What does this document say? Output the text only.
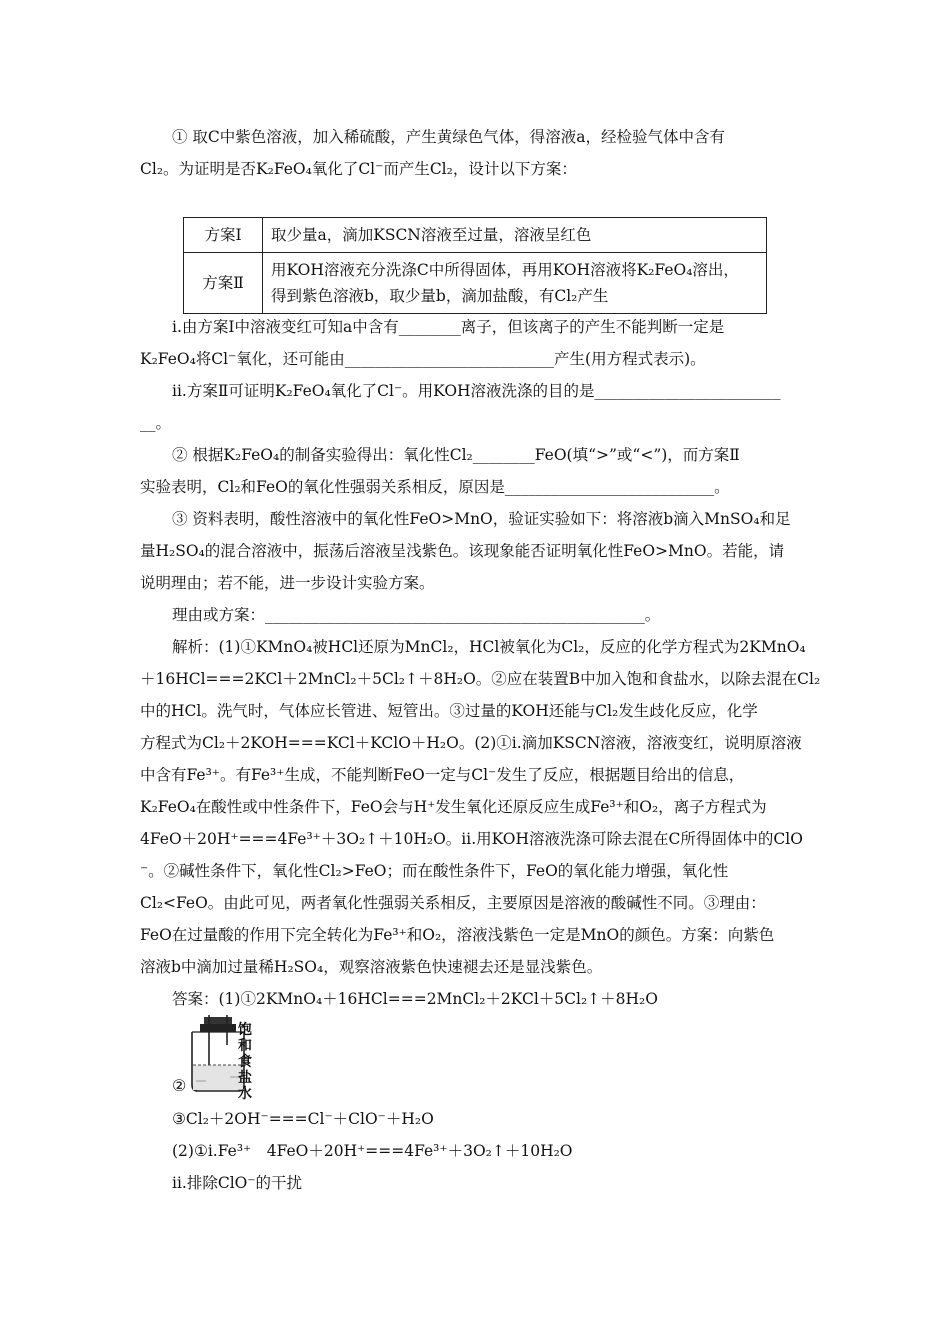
① 取C中紫色溶液，加入稀硫酸，产生黄绿色气体，得溶液a，经检验气体中含有
Cl₂。为证明是否K₂FeO₄氧化了Cl⁻而产生Cl₂，设计以下方案：
方案Ⅰ	取少量a，滴加KSCN溶液至过量，溶液呈红色
方案Ⅱ	用KOH溶液充分洗涤C中所得固体，再用KOH溶液将K₂FeO₄溶出，
得到紫色溶液b，取少量b，滴加盐酸，有Cl₂产生
ⅰ.由方案Ⅰ中溶液变红可知a中含有________离子，但该离子的产生不能判断一定是
K₂FeO₄将Cl⁻氧化，还可能由___________________________产生(用方程式表示)。
ⅱ.方案Ⅱ可证明K₂FeO₄氧化了Cl⁻。用KOH溶液洗涤的目的是________________________
__。
② 根据K₂FeO₄的制备实验得出：氧化性Cl₂________FeO(填“>”或“<”)，而方案Ⅱ
实验表明，Cl₂和FeO的氧化性强弱关系相反，原因是___________________________。
③ 资料表明，酸性溶液中的氧化性FeO>MnO，验证实验如下：将溶液b滴入MnSO₄和足
量H₂SO₄的混合溶液中，振荡后溶液呈浅紫色。该现象能否证明氧化性FeO>MnO。若能，请
说明理由；若不能，进一步设计实验方案。
理由或方案：_________________________________________________。
解析：(1)①KMnO₄被HCl还原为MnCl₂，HCl被氧化为Cl₂，反应的化学方程式为2KMnO₄
＋16HCl===2KCl＋2MnCl₂＋5Cl₂↑＋8H₂O。②应在装置B中加入饱和食盐水，以除去混在Cl₂
中的HCl。洗气时，气体应长管进、短管出。③过量的KOH还能与Cl₂发生歧化反应，化学
方程式为Cl₂＋2KOH===KCl＋KClO＋H₂O。(2)①ⅰ.滴加KSCN溶液，溶液变红，说明原溶液
中含有Fe³⁺。有Fe³⁺生成，不能判断FeO一定与Cl⁻发生了反应，根据题目给出的信息，
K₂FeO₄在酸性或中性条件下，FeO会与H⁺发生氧化还原反应生成Fe³⁺和O₂，离子方程式为
4FeO＋20H⁺===4Fe³⁺＋3O₂↑＋10H₂O。ⅱ.用KOH溶液洗涤可除去混在C所得固体中的ClO
⁻。②碱性条件下，氧化性Cl₂>FeO；而在酸性条件下，FeO的氧化能力增强，氧化性
Cl₂<FeO。由此可见，两者氧化性强弱关系相反，主要原因是溶液的酸碱性不同。③理由：
FeO在过量酸的作用下完全转化为Fe³⁺和O₂，溶液浅紫色一定是MnO的颜色。方案：向紫色
溶液b中滴加过量稀H₂SO₄，观察溶液紫色快速褪去还是显浅紫色。
答案：(1)①2KMnO₄＋16HCl===2MnCl₂＋2KCl＋5Cl₂↑＋8H₂O
②
饱
和
食
盐
水
③Cl₂＋2OH⁻===Cl⁻＋ClO⁻＋H₂O
(2)①ⅰ.Fe³⁺　4FeO＋20H⁺===4Fe³⁺＋3O₂↑＋10H₂O
ⅱ.排除ClO⁻的干扰
